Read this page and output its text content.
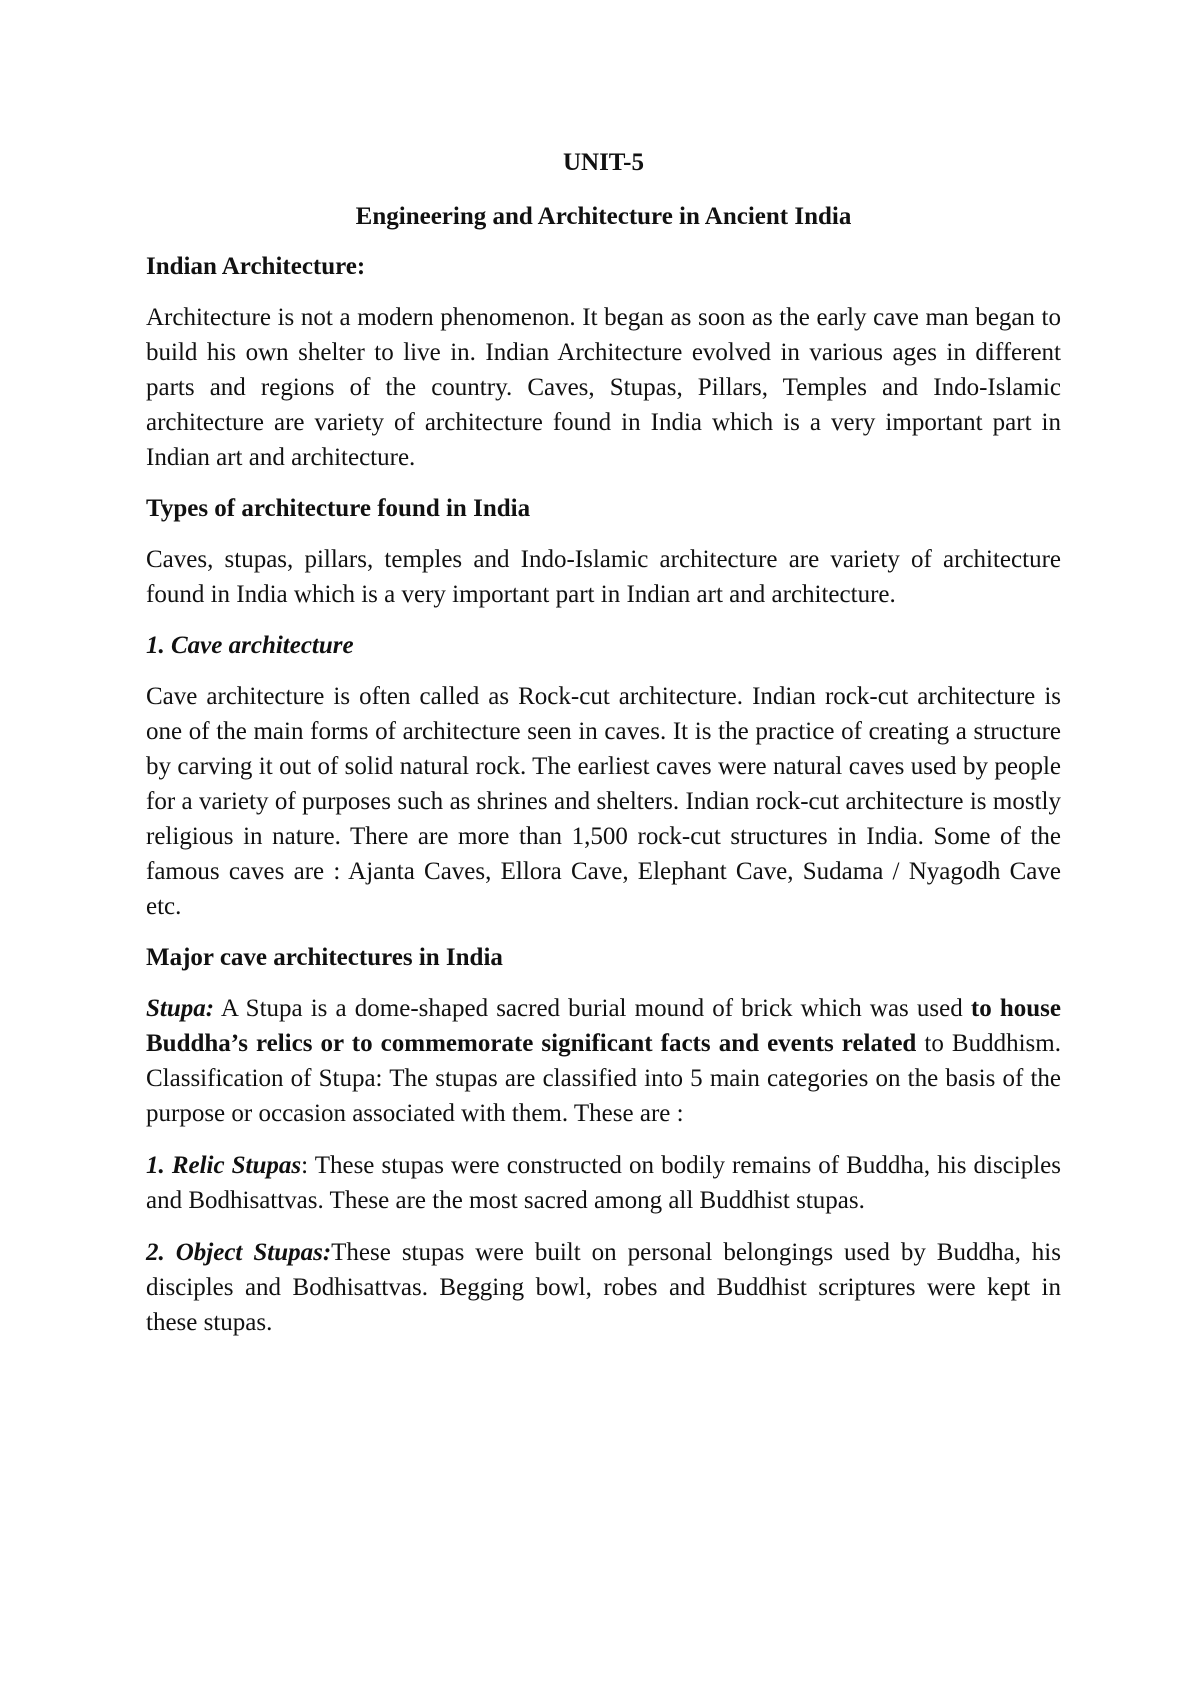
UNIT-5
Engineering and Architecture in Ancient India
Indian Architecture:

Architecture is not a modern phenomenon. It began as soon as the early cave man began to build his own shelter to live in. Indian Architecture evolved in various ages in different parts and regions of the country. Caves, Stupas, Pillars, Temples and Indo-Islamic architecture are variety of architecture found in India which is a very important part in Indian art and architecture.

Types of architecture found in India

Caves, stupas, pillars, temples and Indo-Islamic architecture are variety of architecture found in India which is a very important part in Indian art and architecture.

1. Cave architecture

Cave architecture is often called as Rock-cut architecture. Indian rock-cut architecture is one of the main forms of architecture seen in caves. It is the practice of creating a structure by carving it out of solid natural rock. The earliest caves were natural caves used by people for a variety of purposes such as shrines and shelters. Indian rock-cut architecture is mostly religious in nature. There are more than 1,500 rock-cut structures in India. Some of the famous caves are : Ajanta Caves, Ellora Cave, Elephant Cave, Sudama / Nyagodh Cave etc.

Major cave architectures in India

Stupa: A Stupa is a dome-shaped sacred burial mound of brick which was used to house Buddha’s relics or to commemorate significant facts and events related to Buddhism. Classification of Stupa: The stupas are classified into 5 main categories on the basis of the purpose or occasion associated with them. These are :

1. Relic Stupas: These stupas were constructed on bodily remains of Buddha, his disciples and Bodhisattvas. These are the most sacred among all Buddhist stupas.

2. Object Stupas:These stupas were built on personal belongings used by Buddha, his disciples and Bodhisattvas. Begging bowl, robes and Buddhist scriptures were kept in these stupas.
